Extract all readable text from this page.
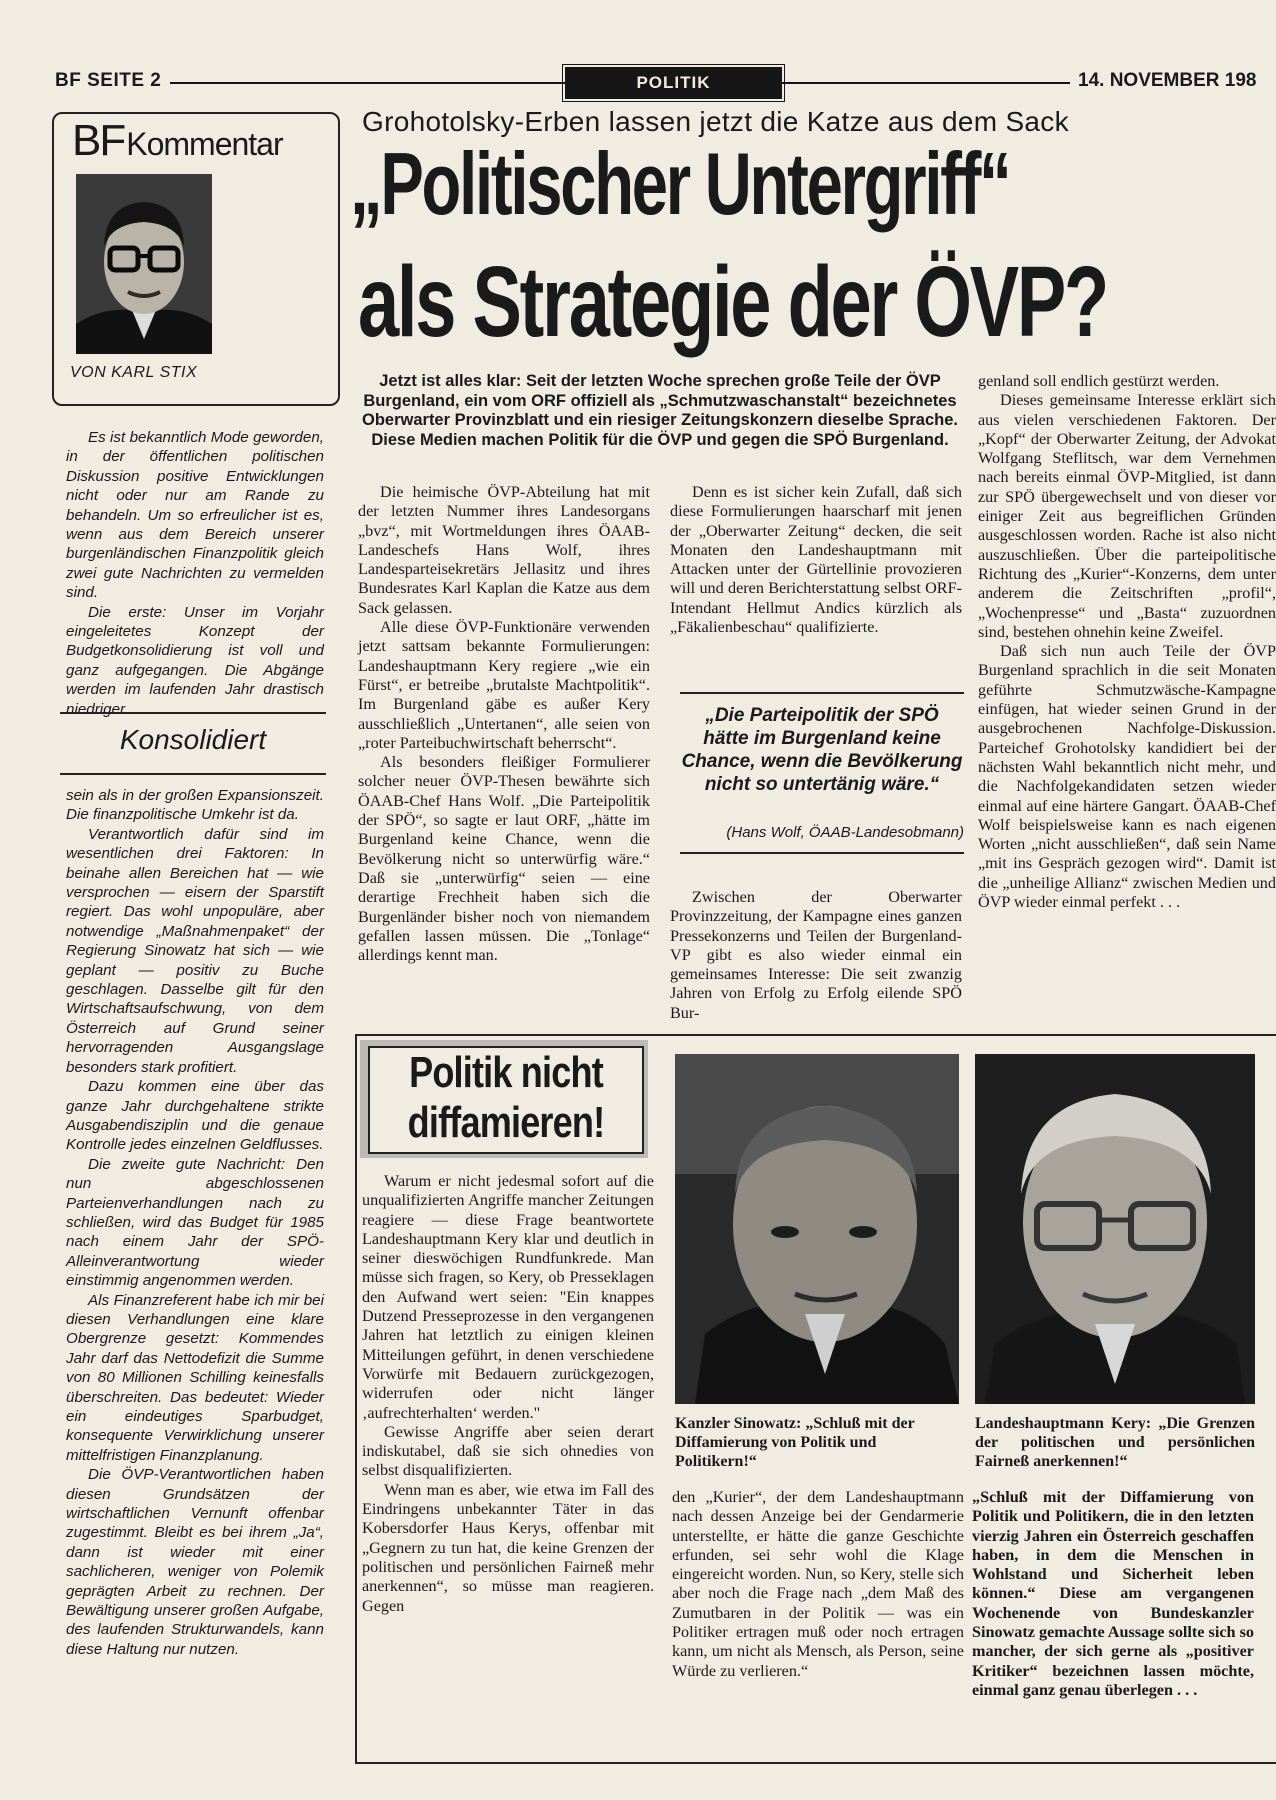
BF SEITE 2	POLITIK	14. NOVEMBER 198
BFKommentar
VON KARL STIX

Es ist bekanntlich Mode geworden, in der öffentlichen politischen Diskussion positive Entwicklungen nicht oder nur am Rande zu behandeln. Um so erfreulicher ist es, wenn aus dem Bereich unserer burgenländischen Finanzpolitik gleich zwei gute Nachrichten zu vermelden sind.

Die erste: Unser im Vorjahr eingeleitetes Konzept der Budgetkonsolidierung ist voll und ganz aufgegangen. Die Abgänge werden im laufenden Jahr drastisch niedriger

Konsolidiert

sein als in der großen Expansionszeit. Die finanzpolitische Umkehr ist da.

Verantwortlich dafür sind im wesentlichen drei Faktoren: In beinahe allen Bereichen hat — wie versprochen — eisern der Sparstift regiert. Das wohl unpopuläre, aber notwendige „Maßnahmenpaket“ der Regierung Sinowatz hat sich — wie geplant — positiv zu Buche geschlagen. Dasselbe gilt für den Wirtschaftsaufschwung, von dem Österreich auf Grund seiner hervorragenden Ausgangslage besonders stark profitiert.

Dazu kommen eine über das ganze Jahr durchgehaltene strikte Ausgabendisziplin und die genaue Kontrolle jedes einzelnen Geldflusses.

Die zweite gute Nachricht: Den nun abgeschlossenen Parteienverhandlungen nach zu schließen, wird das Budget für 1985 nach einem Jahr der SPÖ-Alleinverantwortung wieder einstimmig angenommen werden.

Als Finanzreferent habe ich mir bei diesen Verhandlungen eine klare Obergrenze gesetzt: Kommendes Jahr darf das Nettodefizit die Summe von 80 Millionen Schilling keinesfalls überschreiten. Das bedeutet: Wieder ein eindeutiges Sparbudget, konsequente Verwirklichung unserer mittelfristigen Finanzplanung.

Die ÖVP-Verantwortlichen haben diesen Grundsätzen der wirtschaftlichen Vernunft offenbar zugestimmt. Bleibt es bei ihrem „Ja“, dann ist wieder mit einer sachlicheren, weniger von Polemik geprägten Arbeit zu rechnen. Der Bewältigung unserer großen Aufgabe, des laufenden Strukturwandels, kann diese Haltung nur nutzen.

Grohotolsky-Erben lassen jetzt die Katze aus dem Sack
„Politischer Untergriff“
als Strategie der ÖVP?
Jetzt ist alles klar: Seit der letzten Woche sprechen große Teile der ÖVP Burgenland, ein vom ORF offiziell als „Schmutzwaschanstalt“ bezeichnetes Oberwarter Provinzblatt und ein riesiger Zeitungskonzern dieselbe Sprache. Diese Medien machen Politik für die ÖVP und gegen die SPÖ Burgenland.

Die heimische ÖVP-Abteilung hat mit der letzten Nummer ihres Landesorgans „bvz“, mit Wortmeldungen ihres ÖAAB-Landeschefs Hans Wolf, ihres Landesparteisekretärs Jellasitz und ihres Bundesrates Karl Kaplan die Katze aus dem Sack gelassen.

Alle diese ÖVP-Funktionäre verwenden jetzt sattsam bekannte Formulierungen: Landeshauptmann Kery regiere „wie ein Fürst“, er betreibe „brutalste Machtpolitik“. Im Burgenland gäbe es außer Kery ausschließlich „Untertanen“, alle seien von „roter Parteibuchwirtschaft beherrscht“.

Als besonders fleißiger Formulierer solcher neuer ÖVP-Thesen bewährte sich ÖAAB-Chef Hans Wolf. „Die Parteipolitik der SPÖ“, so sagte er laut ORF, „hätte im Burgenland keine Chance, wenn die Bevölkerung nicht so unterwürfig wäre.“ Daß sie „unterwürfig“ seien — eine derartige Frechheit haben sich die Burgenländer bisher noch von niemandem gefallen lassen müssen. Die „Tonlage“ allerdings kennt man.

Denn es ist sicher kein Zufall, daß sich diese Formulierungen haarscharf mit jenen der „Oberwarter Zeitung“ decken, die seit Monaten den Landeshauptmann mit Attacken unter der Gürtellinie provozieren will und deren Berichterstattung selbst ORF-Intendant Hellmut Andics kürzlich als „Fäkalienbeschau“ qualifizierte.

„Die Parteipolitik der SPÖ hätte im Burgenland keine Chance, wenn die Bevölkerung nicht so untertänig wäre.“
(Hans Wolf, ÖAAB-Landesobmann)

Zwischen der Oberwarter Provinzzeitung, der Kampagne eines ganzen Pressekonzerns und Teilen der Burgenland-VP gibt es also wieder einmal ein gemeinsames Interesse: Die seit zwanzig Jahren von Erfolg zu Erfolg eilende SPÖ Bur-

genland soll endlich gestürzt werden.

Dieses gemeinsame Interesse erklärt sich aus vielen verschiedenen Faktoren. Der „Kopf“ der Oberwarter Zeitung, der Advokat Wolfgang Steflitsch, war dem Vernehmen nach bereits einmal ÖVP-Mitglied, ist dann zur SPÖ übergewechselt und von dieser vor einiger Zeit aus begreiflichen Gründen ausgeschlossen worden. Rache ist also nicht auszuschließen. Über die parteipolitische Richtung des „Kurier“-Konzerns, dem unter anderem die Zeitschriften „profil“, „Wochenpresse“ und „Basta“ zuzuordnen sind, bestehen ohnehin keine Zweifel.

Daß sich nun auch Teile der ÖVP Burgenland sprachlich in die seit Monaten geführte Schmutzwäsche-Kampagne einfügen, hat wieder seinen Grund in der ausgebrochenen Nachfolge-Diskussion. Parteichef Grohotolsky kandidiert bei der nächsten Wahl bekanntlich nicht mehr, und die Nachfolgekandidaten setzen wieder einmal auf eine härtere Gangart. ÖAAB-Chef Wolf beispielsweise kann es nach eigenen Worten „nicht ausschließen“, daß sein Name „mit ins Gespräch gezogen wird“. Damit ist die „unheilige Allianz“ zwischen Medien und ÖVP wieder einmal perfekt . . .

Politik nicht diffamieren!

Warum er nicht jedesmal sofort auf die unqualifizierten Angriffe mancher Zeitungen reagiere — diese Frage beantwortete Landeshauptmann Kery klar und deutlich in seiner dieswöchigen Rundfunkrede. Man müsse sich fragen, so Kery, ob Presseklagen den Aufwand wert seien: "Ein knappes Dutzend Presseprozesse in den vergangenen Jahren hat letztlich zu einigen kleinen Mitteilungen geführt, in denen verschiedene Vorwürfe mit Bedauern zurückgezogen, widerrufen oder nicht länger ‚aufrechterhalten‘ werden."

Gewisse Angriffe aber seien derart indiskutabel, daß sie sich ohnedies von selbst disqualifizierten.

Wenn man es aber, wie etwa im Fall des Eindringens unbekannter Täter in das Kobersdorfer Haus Kerys, offenbar mit „Gegnern zu tun hat, die keine Grenzen der politischen und persönlichen Fairneß mehr anerkennen“, so müsse man reagieren. Gegen

Kanzler Sinowatz: „Schluß mit der Diffamierung von Politik und Politikern!“
Landeshauptmann Kery: „Die Grenzen der politischen und persönlichen Fairneß anerkennen!“

den „Kurier“, der dem Landeshauptmann nach dessen Anzeige bei der Gendarmerie unterstellte, er hätte die ganze Geschichte erfunden, sei sehr wohl die Klage eingereicht worden. Nun, so Kery, stelle sich aber noch die Frage nach „dem Maß des Zumutbaren in der Politik — was ein Politiker ertragen muß oder noch ertragen kann, um nicht als Mensch, als Person, seine Würde zu verlieren.“

„Schluß mit der Diffamierung von Politik und Politikern, die in den letzten vierzig Jahren ein Österreich geschaffen haben, in dem die Menschen in Wohlstand und Sicherheit leben können.“ Diese am vergangenen Wochenende von Bundeskanzler Sinowatz gemachte Aussage sollte sich so mancher, der sich gerne als „positiver Kritiker“ bezeichnen lassen möchte, einmal ganz genau überlegen . . .
